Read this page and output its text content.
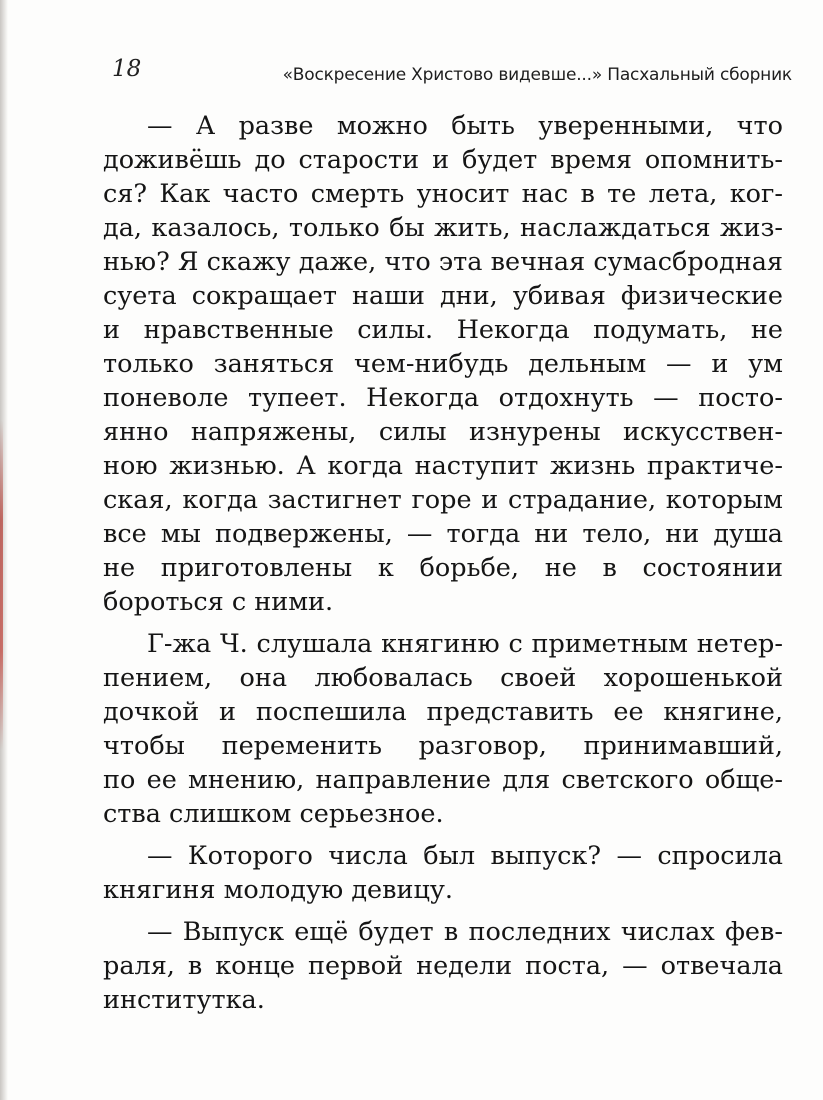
18	«Воскресение Христово видевше...» Пасхальный сборник
— А разве можно быть уверенными, что
доживёшь до старости и будет время опомнить-
ся? Как часто смерть уносит нас в те лета, ког-
да, казалось, только бы жить, наслаждаться жиз-
нью? Я скажу даже, что эта вечная сумасбродная
суета сокращает наши дни, убивая физические
и нравственные силы. Некогда подумать, не
только заняться чем-нибудь дельным — и ум
поневоле тупеет. Некогда отдохнуть — посто-
янно напряжены, силы изнурены искусствен-
ною жизнью. А когда наступит жизнь практиче-
ская, когда застигнет горе и страдание, которым
все мы подвержены, — тогда ни тело, ни душа
не приготовлены к борьбе, не в состоянии
бороться с ними.
Г-жа Ч. слушала княгиню с приметным нетер-
пением, она любовалась своей хорошенькой
дочкой и поспешила представить ее княгине,
чтобы переменить разговор, принимавший,
по ее мнению, направление для светского обще-
ства слишком серьезное.
— Которого числа был выпуск? — спросила
княгиня молодую девицу.
— Выпуск ещё будет в последних числах фев-
раля, в конце первой недели поста, — отвечала
институтка.
